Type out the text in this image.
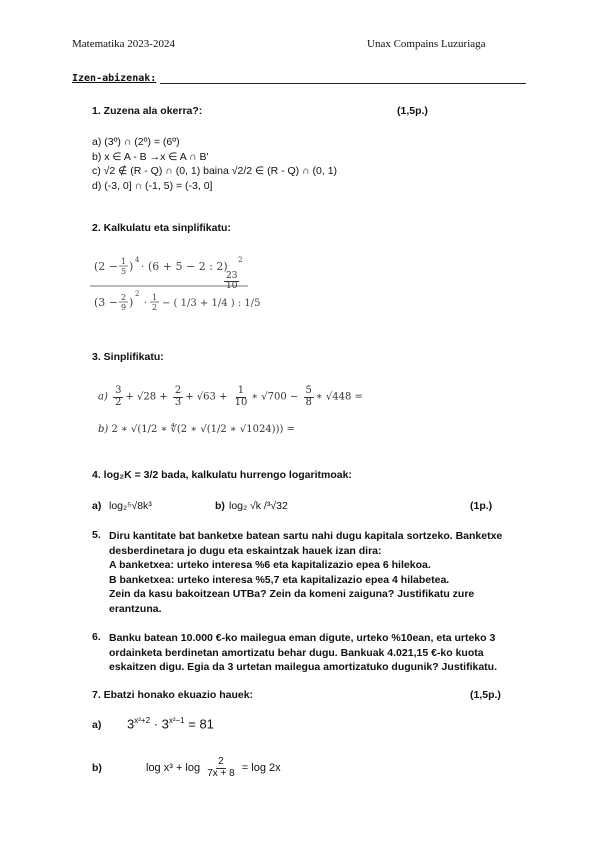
Matematika 2023-2024	Unax Compains Luzuriaga
Izen-abizenak:
1. Zuzena ala okerra?:	(1,5p.)
a) (3º) ∩ (2º) = (6º)
b) x ∈ A - B →x ∈ A ∩ B'
c) √2 ∉ (R - Q) ∩ (0, 1) baina √2/2 ∈ (R - Q) ∩ (0, 1)
d) (-3, 0] ∩ (-1, 5) = (-3, 0]
2. Kalkulatu eta sinplifikatu:
(2 − 1
5 ) 4
· (6 + 5 − 2 : 2) 2
(3 − 2
9 )
2
·
1
2 − ( 1/3 + 1/4 ) : 1/5
$\frac{23}{10}$
3. Sinplifikatu:
$a) \frac{3}{2} + √28 + \frac{2}{3} + √63 + \frac{1}{10}$ ∗ $√700 - \frac{5}{8}$ ∗ √448 =
b) 2 ∗ √(1/2 ∗ ∜(2 ∗ √(1/2 ∗ √1024))) =
4. log₂K = 3/2 bada, kalkulatu hurrengo logaritmoak:
a) log₂⁵√8k³	b) log₂ √k /³√32	(1p.)
5. Diru kantitate bat banketxe batean sartu nahi dugu kapitala sortzeko. Banketxe
desberdinetara jo dugu eta eskaintzak hauek izan dira:
A banketxea: urteko interesa %6 eta kapitalizazio epea 6 hilekoa.
B banketxea: urteko interesa %5,7 eta kapitalizazio epea 4 hilabetea.
Zein da kasu bakoitzean UTBa? Zein da komeni zaiguna? Justifikatu zure
erantzuna.
6. Banku batean 10.000 €-ko mailegua eman digute, urteko %10ean, eta urteko 3
ordainketa berdinetan amortizatu behar dugu. Bankuak 4.021,15 €-ko kuota
eskaitzen digu. Egia da 3 urtetan mailegua amortizatuko dugunik? Justifikatu.
7. Ebatzi honako ekuazio hauek:	(1,5p.)
a) $3^{x^2+2} \cdot 3^{x^2-1} = 81$
b)	$\log x^3 + \log \frac{2}{7x + 8} = \log 2x$
